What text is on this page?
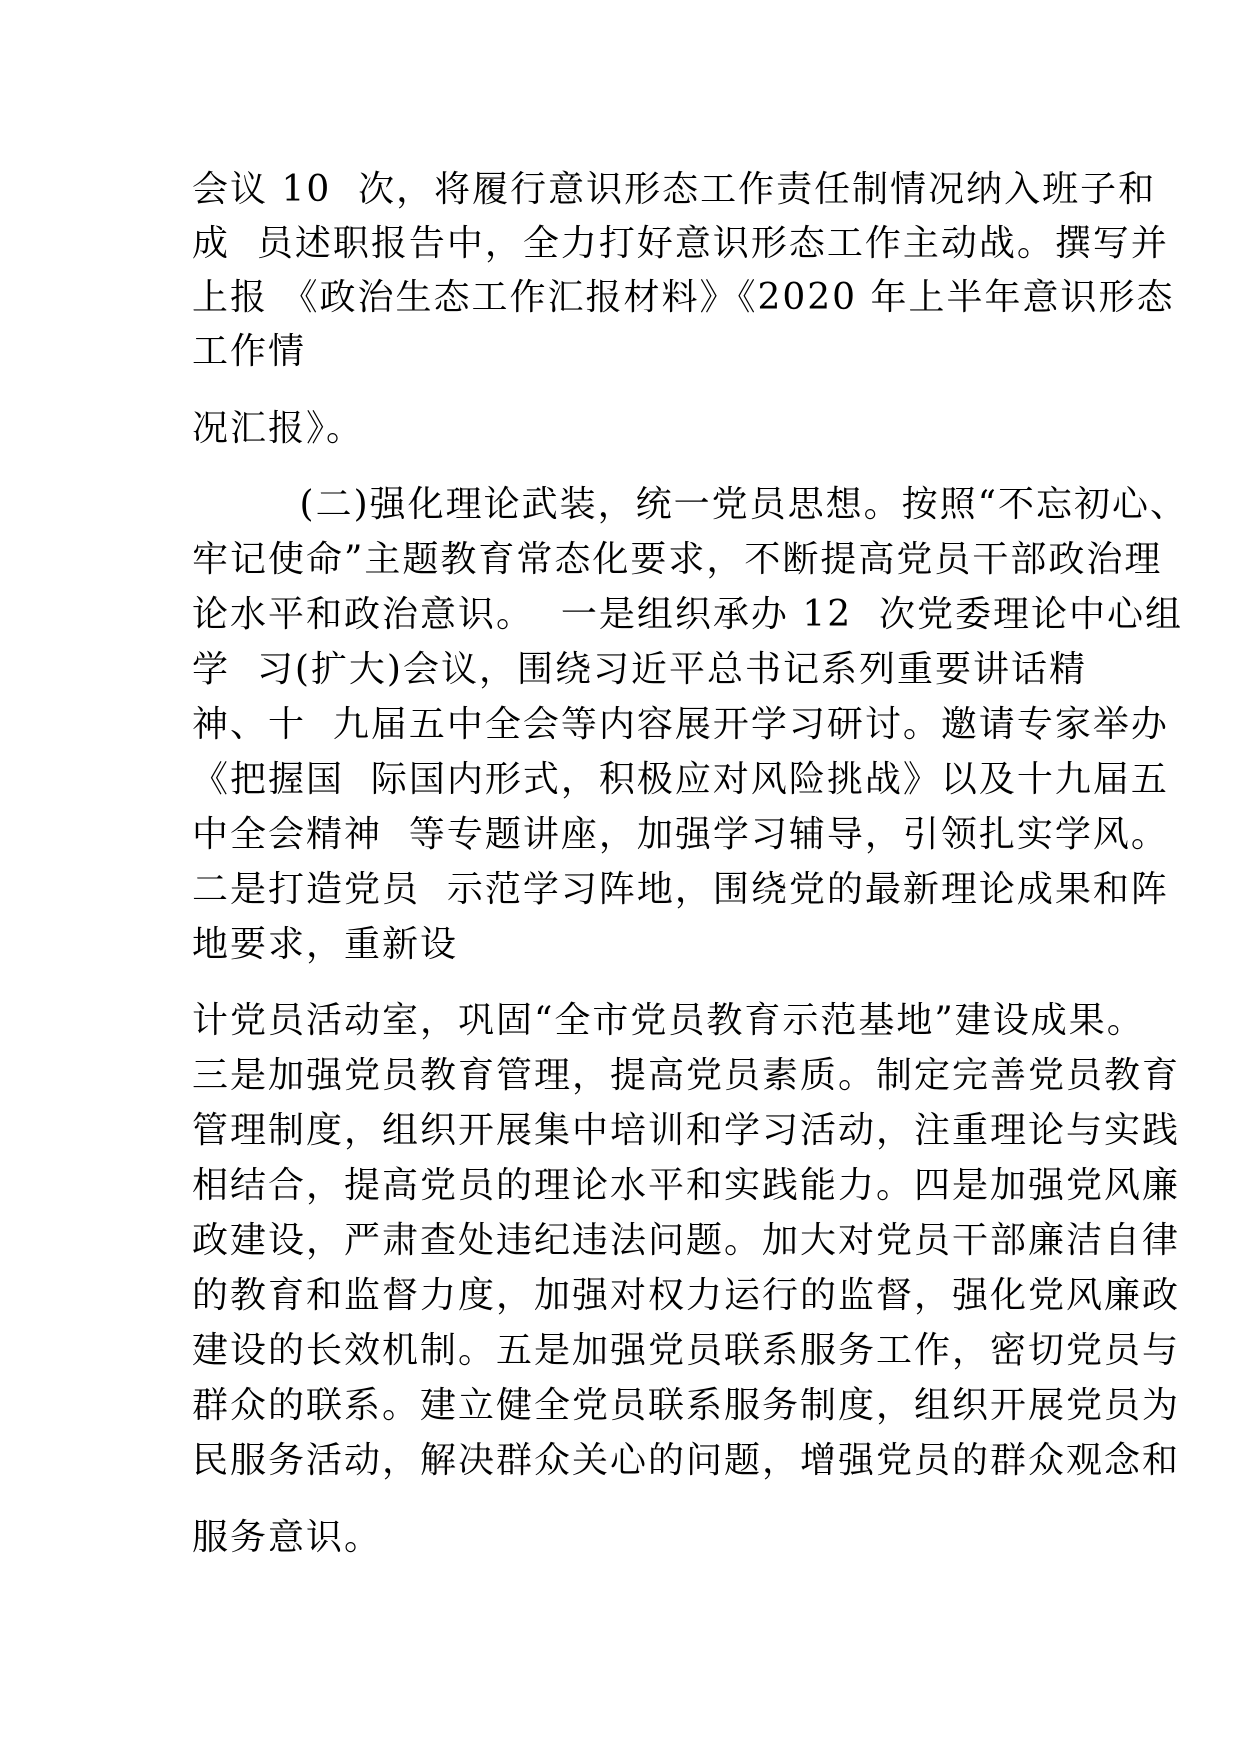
会议 10  次，将履行意识形态工作责任制情况纳入班子和
成  员述职报告中，全力打好意识形态工作主动战。撰写并
上报 《政治生态工作汇报材料》《2020 年上半年意识形态
工作情
况汇报》。
(二)强化理论武装，统一党员思想。按照“不忘初心、
牢记使命”主题教育常态化要求，不断提高党员干部政治理
论水平和政治意识。  一是组织承办 12  次党委理论中心组
学  习(扩大)会议，围绕习近平总书记系列重要讲话精
神、十  九届五中全会等内容展开学习研讨。邀请专家举办
《把握国  际国内形式，积极应对风险挑战》以及十九届五
中全会精神  等专题讲座，加强学习辅导，引领扎实学风。
二是打造党员  示范学习阵地，围绕党的最新理论成果和阵
地要求，重新设
计党员活动室，巩固“全市党员教育示范基地”建设成果。
三是加强党员教育管理，提高党员素质。制定完善党员教育
管理制度，组织开展集中培训和学习活动，注重理论与实践
相结合，提高党员的理论水平和实践能力。四是加强党风廉
政建设，严肃查处违纪违法问题。加大对党员干部廉洁自律
的教育和监督力度，加强对权力运行的监督，强化党风廉政
建设的长效机制。五是加强党员联系服务工作，密切党员与
群众的联系。建立健全党员联系服务制度，组织开展党员为
民服务活动，解决群众关心的问题，增强党员的群众观念和
服务意识。
